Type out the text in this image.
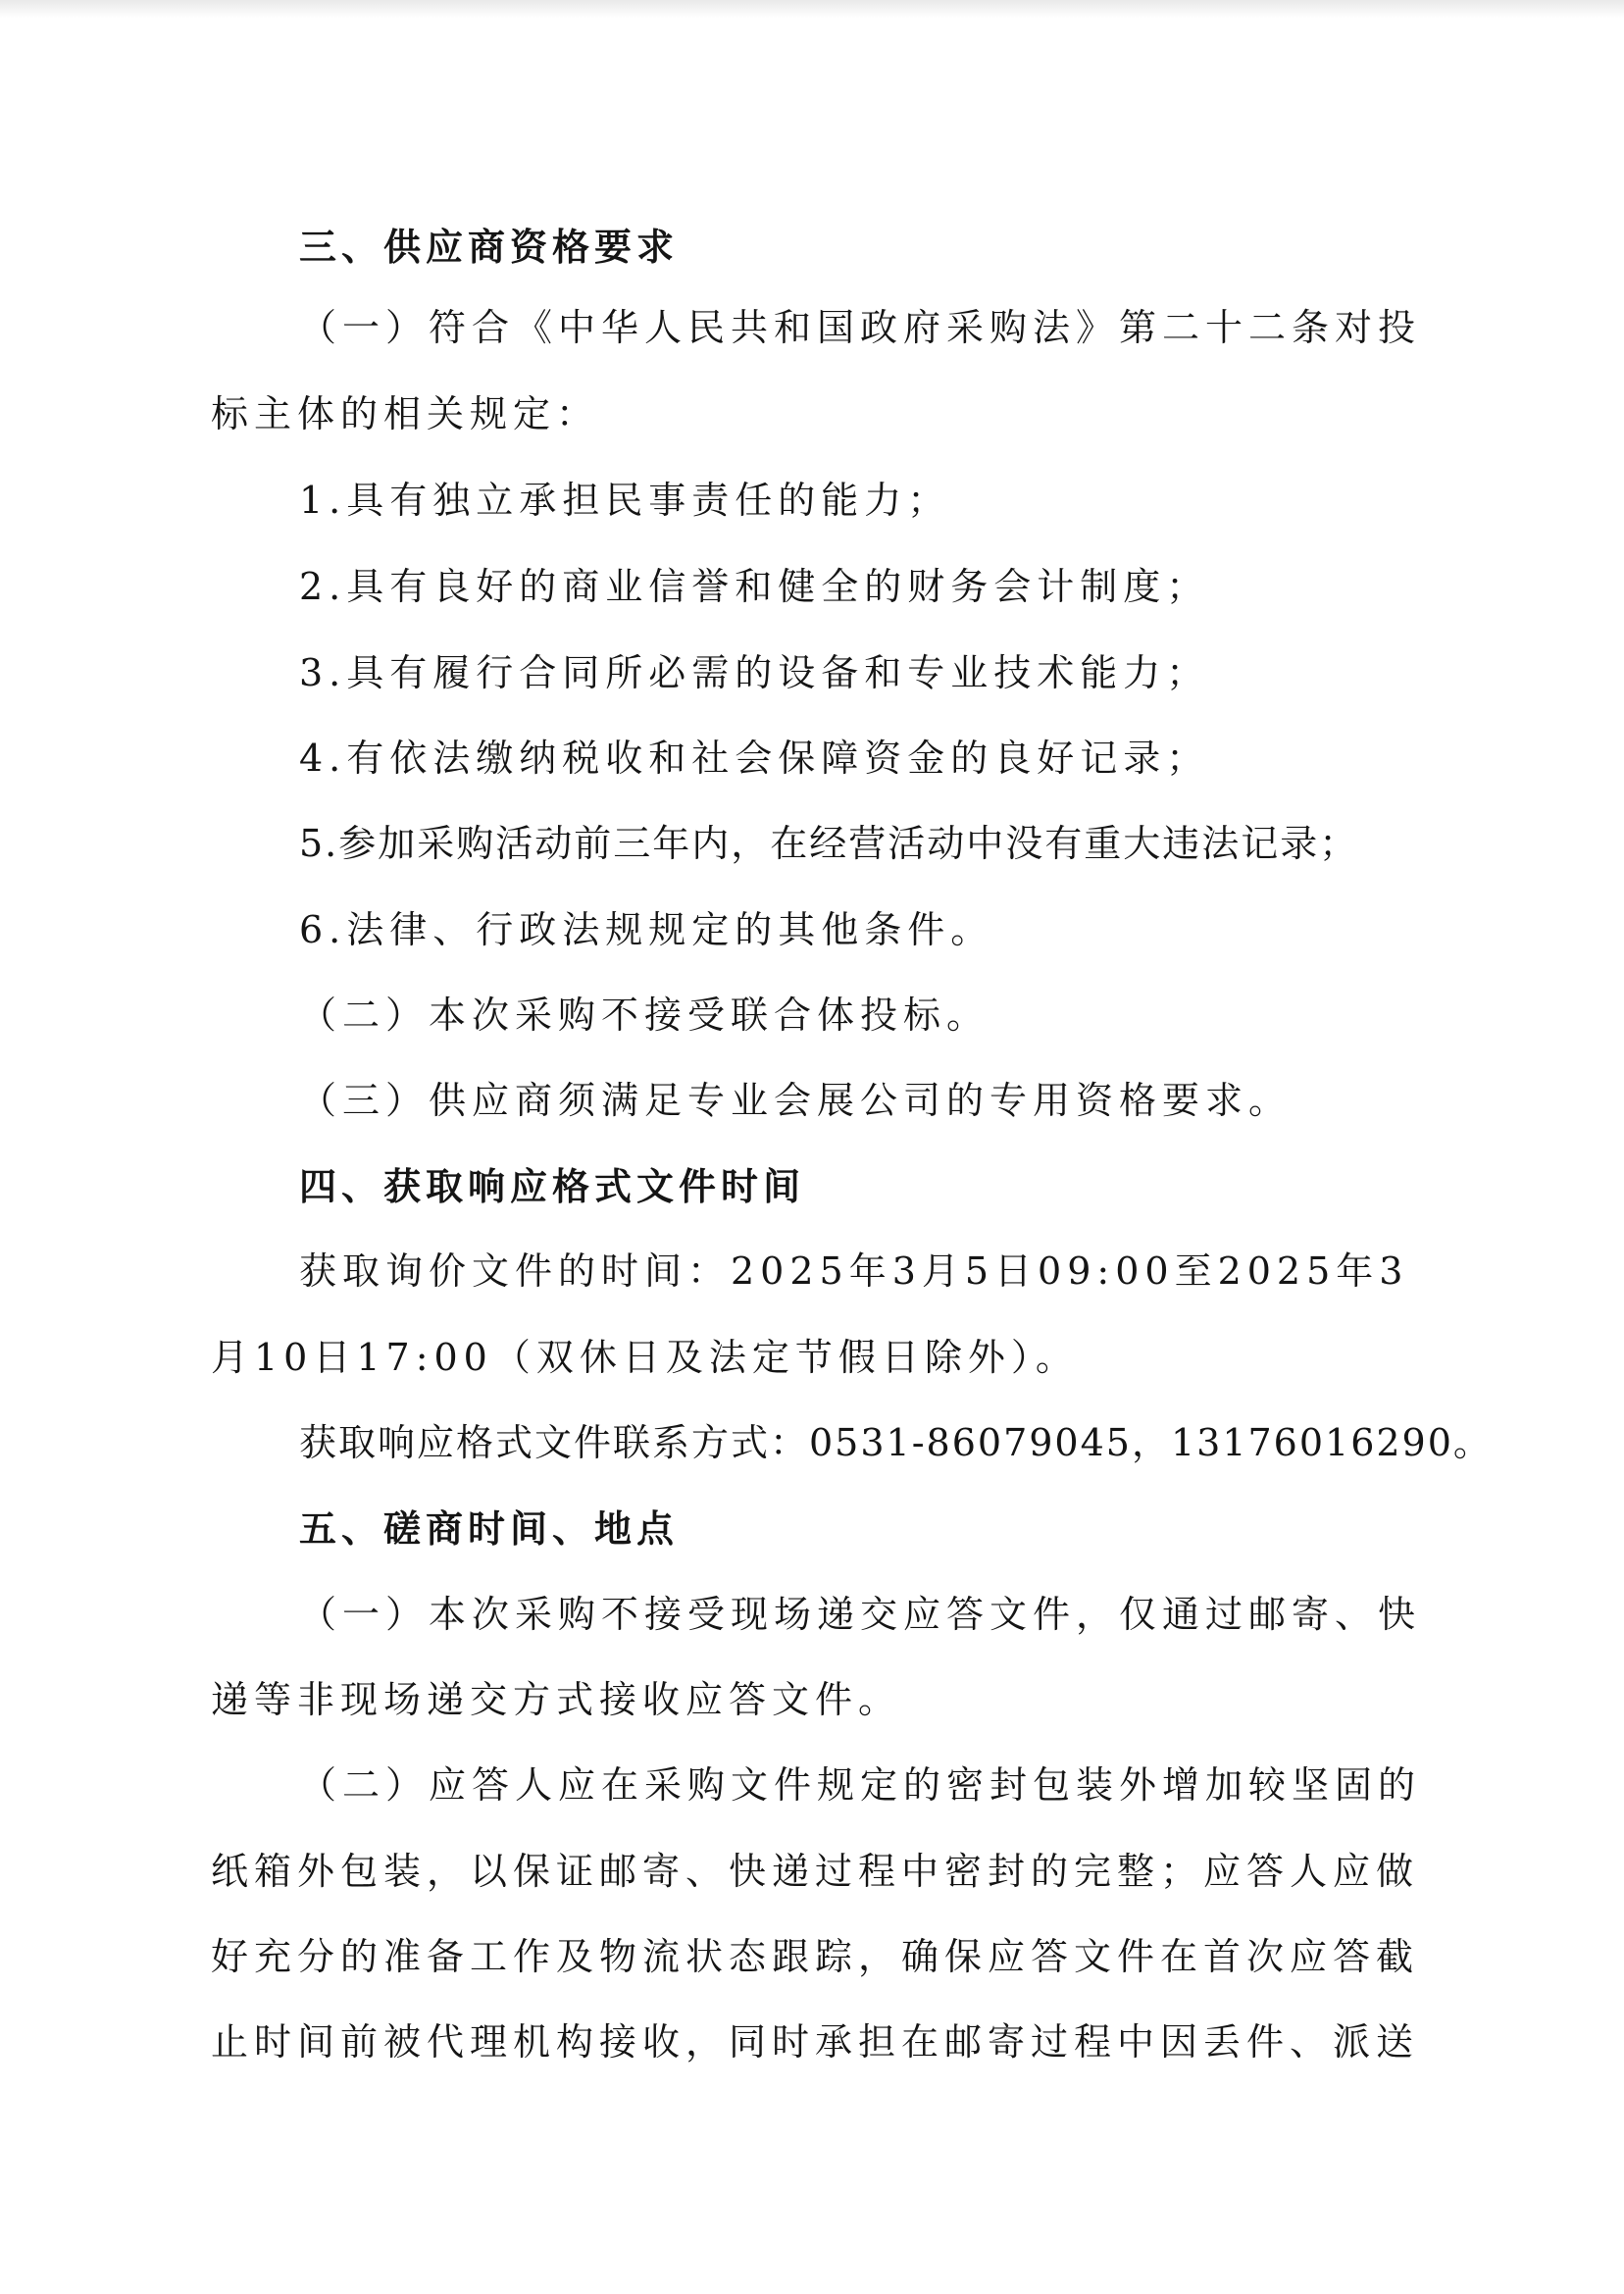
三、供应商资格要求

（一）符合《中华人民共和国政府采购法》第二十二条对投

标主体的相关规定：

1.具有独立承担民事责任的能力；

2.具有良好的商业信誉和健全的财务会计制度；

3.具有履行合同所必需的设备和专业技术能力；

4.有依法缴纳税收和社会保障资金的良好记录；

5.参加采购活动前三年内，在经营活动中没有重大违法记录；

6.法律、行政法规规定的其他条件。

（二）本次采购不接受联合体投标。

（三）供应商须满足专业会展公司的专用资格要求。

四、获取响应格式文件时间

获取询价文件的时间：2025年3月5日09:00至2025年3

月10日17:00（双休日及法定节假日除外）。

获取响应格式文件联系方式：0531-86079045，13176016290。

五、磋商时间、地点

（一）本次采购不接受现场递交应答文件，仅通过邮寄、快

递等非现场递交方式接收应答文件。

（二）应答人应在采购文件规定的密封包装外增加较坚固的

纸箱外包装，以保证邮寄、快递过程中密封的完整；应答人应做

好充分的准备工作及物流状态跟踪，确保应答文件在首次应答截

止时间前被代理机构接收，同时承担在邮寄过程中因丢件、派送
